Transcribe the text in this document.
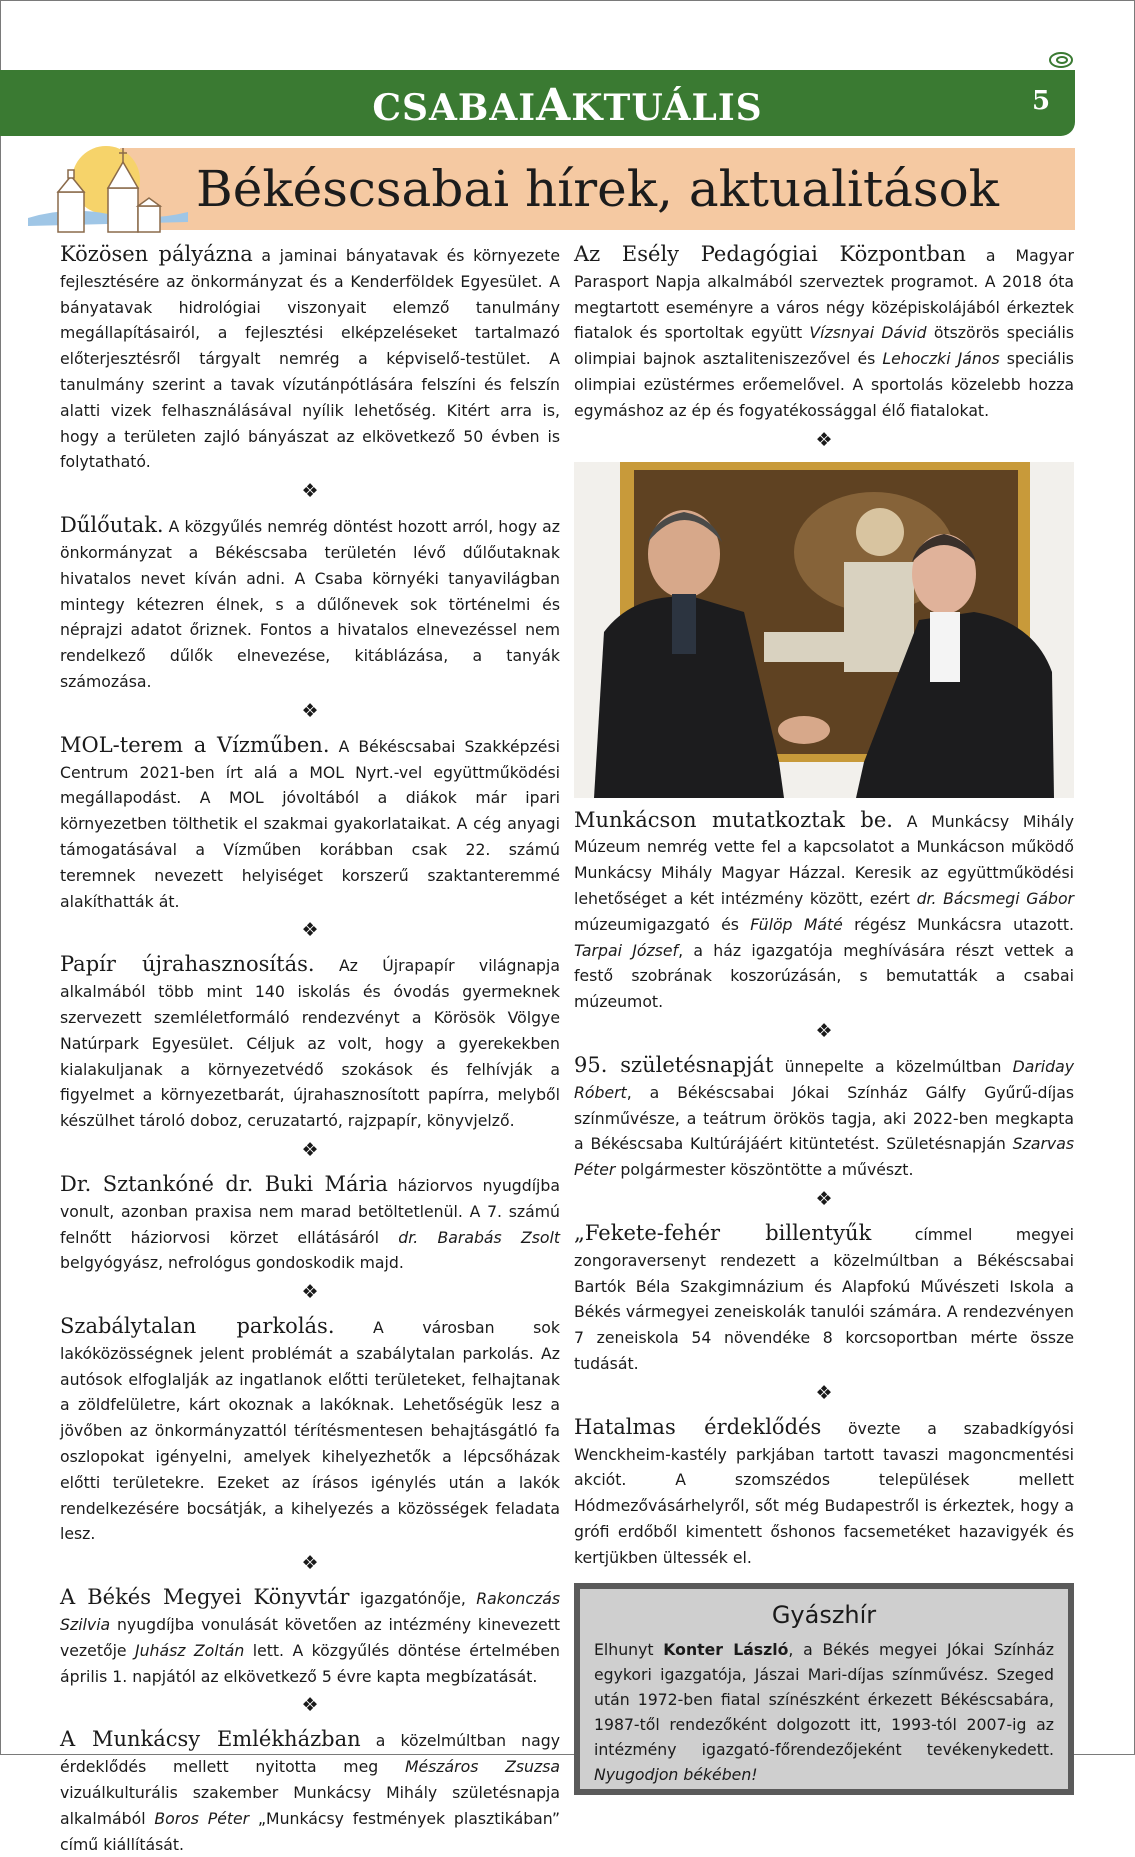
CSABAIAKTUÁLIS	5
Békéscsabai hírek, aktualitások

Közösen pályázna a jaminai bányatavak és környezete fejlesztésére az önkormányzat és a Kenderföldek Egyesület. A bányatavak hidrológiai viszonyait elemző tanulmány megállapításairól, a fejlesztési elképzeléseket tartalmazó előterjesztésről tárgyalt nemrég a képviselő-testület. A tanulmány szerint a tavak vízutánpótlására felszíni és felszín alatti vizek felhasználásával nyílik lehetőség. Kitért arra is, hogy a területen zajló bányászat az elkövetkező 50 évben is folytatható.

❖

Dűlőutak. A közgyűlés nemrég döntést hozott arról, hogy az önkormányzat a Békéscsaba területén lévő dűlőutaknak hivatalos nevet kíván adni. A Csaba környéki tanyavilágban mintegy kétezren élnek, s a dűlőnevek sok történelmi és néprajzi adatot őriznek. Fontos a hivatalos elnevezéssel nem rendelkező dűlők elnevezése, kitáblázása, a tanyák számozása.

❖

MOL-terem a Vízműben. A Békéscsabai Szakképzési Centrum 2021-ben írt alá a MOL Nyrt.-vel együttműködési megállapodást. A MOL jóvoltából a diákok már ipari környezetben tölthetik el szakmai gyakorlataikat. A cég anyagi támogatásával a Vízműben korábban csak 22. számú teremnek nevezett helyiséget korszerű szaktanteremmé alakíthatták át.

❖

Papír újrahasznosítás. Az Újrapapír világnapja alkalmából több mint 140 iskolás és óvodás gyermeknek szervezett szemléletformáló rendezvényt a Körösök Völgye Natúrpark Egyesület. Céljuk az volt, hogy a gyerekekben kialakuljanak a környezetvédő szokások és felhívják a figyelmet a környezetbarát, újrahasznosított papírra, melyből készülhet tároló doboz, ceruzatartó, rajzpapír, könyvjelző.

❖

Dr. Sztankóné dr. Buki Mária háziorvos nyugdíjba vonult, azonban praxisa nem marad betöltetlenül. A 7. számú felnőtt háziorvosi körzet ellátásáról dr. Barabás Zsolt belgyógyász, nefrológus gondoskodik majd.

❖

Szabálytalan parkolás. A városban sok lakóközösségnek jelent problémát a szabálytalan parkolás. Az autósok elfoglalják az ingatlanok előtti területeket, felhajtanak a zöldfelületre, kárt okoznak a lakóknak. Lehetőségük lesz a jövőben az önkormányzattól térítésmentesen behajtásgátló fa oszlopokat igényelni, amelyek kihelyezhetők a lépcsőházak előtti területekre. Ezeket az írásos igénylés után a lakók rendelkezésére bocsátják, a kihelyezés a közösségek feladata lesz.

❖

A Békés Megyei Könyvtár igazgatónője, Rakonczás Szilvia nyugdíjba vonulását követően az intézmény kinevezett vezetője Juhász Zoltán lett. A közgyűlés döntése értelmében április 1. napjától az elkövetkező 5 évre kapta megbízatását.

❖

A Munkácsy Emlékházban a közelmúltban nagy érdeklődés mellett nyitotta meg Mészáros Zsuzsa vizuálkulturális szakember Munkácsy Mihály születésnapja alkalmából Boros Péter „Munkácsy festmények plasztikában” című kiállítását.

Az Esély Pedagógiai Központban a Magyar Parasport Napja alkalmából szerveztek programot. A 2018 óta megtartott eseményre a város négy középiskolájából érkeztek fiatalok és sportoltak együtt Vízsnyai Dávid ötszörös speciális olimpiai bajnok asztaliteniszezővel és Lehoczki János speciális olimpiai ezüstérmes erőemelővel. A sportolás közelebb hozza egymáshoz az ép és fogyatékossággal élő fiatalokat.

❖

Munkácson mutatkoztak be. A Munkácsy Mihály Múzeum nemrég vette fel a kapcsolatot a Munkácson működő Munkácsy Mihály Magyar Házzal. Keresik az együttműködési lehetőséget a két intézmény között, ezért dr. Bácsmegi Gábor múzeumigazgató és Fülöp Máté régész Munkácsra utazott. Tarpai József, a ház igazgatója meghívására részt vettek a festő szobrának koszorúzásán, s bemutatták a csabai múzeumot.

❖

95. születésnapját ünnepelte a közelmúltban Dariday Róbert, a Békéscsabai Jókai Színház Gálfy Gyűrű-díjas színművésze, a teátrum örökös tagja, aki 2022-ben megkapta a Békéscsaba Kultúrájáért kitüntetést. Születésnapján Szarvas Péter polgármester köszöntötte a művészt.

❖

„Fekete-fehér billentyűk címmel megyei zongoraversenyt rendezett a közelmúltban a Békéscsabai Bartók Béla Szakgimnázium és Alapfokú Művészeti Iskola a Békés vármegyei zeneiskolák tanulói számára. A rendezvényen 7 zeneiskola 54 növendéke 8 korcsoportban mérte össze tudását.

❖

Hatalmas érdeklődés övezte a szabadkígyósi Wenckheim-kastély parkjában tartott tavaszi magoncmentési akciót. A szomszédos települések mellett Hódmezővásárhelyről, sőt még Budapestről is érkeztek, hogy a grófi erdőből kimentett őshonos facsemetéket hazavigyék és kertjükben ültessék el.

Gyászhír

Elhunyt Konter László, a Békés megyei Jókai Színház egykori igazgatója, Jászai Mari-díjas színművész. Szeged után 1972-ben fiatal színészként érkezett Békéscsabára, 1987-től rendezőként dolgozott itt, 1993-tól 2007-ig az intézmény igazgató-főrendezőjeként tevékenykedett. Nyugodjon békében!
